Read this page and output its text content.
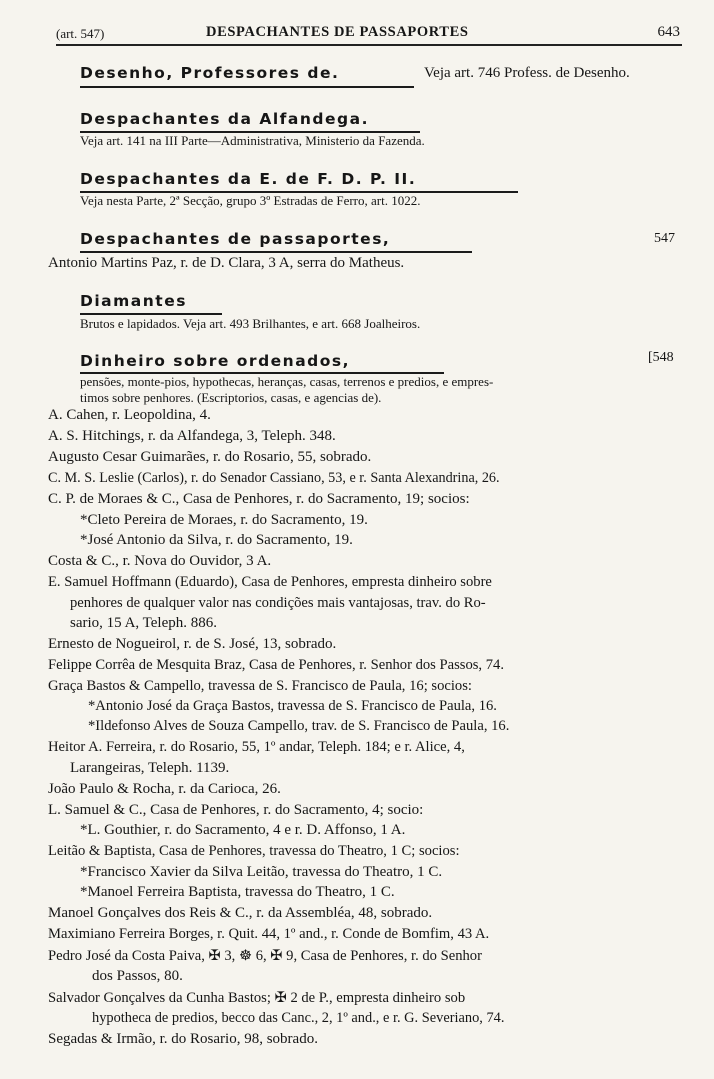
(art. 547)	DESPACHANTES DE PASSAPORTES	643
Desenho, Professores de.	Veja art. 746 Profess. de Desenho.
Despachantes da Alfandega.
Veja art. 141 na III Parte—Administrativa, Ministerio da Fazenda.
Despachantes da E. de F. D. P. II.
Veja nesta Parte, 2ª Secção, grupo 3º Estradas de Ferro, art. 1022.
Despachantes de passaportes,	547
Antonio Martins Paz, r. de D. Clara, 3 A, serra do Matheus.
Diamantes
Brutos e lapidados. Veja art. 493 Brilhantes, e art. 668 Joalheiros.
Dinheiro sobre ordenados,	[548
pensões, monte-pios, hypothecas, heranças, casas, terrenos e predios, e empres-
timos sobre penhores. (Escriptorios, casas, e agencias de).
A. Cahen, r. Leopoldina, 4.
A. S. Hitchings, r. da Alfandega, 3, Teleph. 348.
Augusto Cesar Guimarães, r. do Rosario, 55, sobrado.
C. M. S. Leslie (Carlos), r. do Senador Cassiano, 53, e r. Santa Alexandrina, 26.
C. P. de Moraes & C., Casa de Penhores, r. do Sacramento, 19; socios:
*Cleto Pereira de Moraes, r. do Sacramento, 19.
*José Antonio da Silva, r. do Sacramento, 19.
Costa & C., r. Nova do Ouvidor, 3 A.
E. Samuel Hoffmann (Eduardo), Casa de Penhores, empresta dinheiro sobre
penhores de qualquer valor nas condições mais vantajosas, trav. do Ro-
sario, 15 A, Teleph. 886.
Ernesto de Nogueirol, r. de S. José, 13, sobrado.
Felippe Corrêa de Mesquita Braz, Casa de Penhores, r. Senhor dos Passos, 74.
Graça Bastos & Campello, travessa de S. Francisco de Paula, 16; socios:
*Antonio José da Graça Bastos, travessa de S. Francisco de Paula, 16.
*Ildefonso Alves de Souza Campello, trav. de S. Francisco de Paula, 16.
Heitor A. Ferreira, r. do Rosario, 55, 1º andar, Teleph. 184; e r. Alice, 4,
Larangeiras, Teleph. 1139.
João Paulo & Rocha, r. da Carioca, 26.
L. Samuel & C., Casa de Penhores, r. do Sacramento, 4; socio:
*L. Gouthier, r. do Sacramento, 4 e r. D. Affonso, 1 A.
Leitão & Baptista, Casa de Penhores, travessa do Theatro, 1 C; socios:
*Francisco Xavier da Silva Leitão, travessa do Theatro, 1 C.
*Manoel Ferreira Baptista, travessa do Theatro, 1 C.
Manoel Gonçalves dos Reis & C., r. da Assembléa, 48, sobrado.
Maximiano Ferreira Borges, r. Quit. 44, 1º and., r. Conde de Bomfim, 43 A.
Pedro José da Costa Paiva, ✠ 3, ☸ 6, ✠ 9, Casa de Penhores, r. do Senhor
dos Passos, 80.
Salvador Gonçalves da Cunha Bastos; ✠ 2 de P., empresta dinheiro sob
hypotheca de predios, becco das Canc., 2, 1º and., e r. G. Severiano, 74.
Segadas & Irmão, r. do Rosario, 98, sobrado.
